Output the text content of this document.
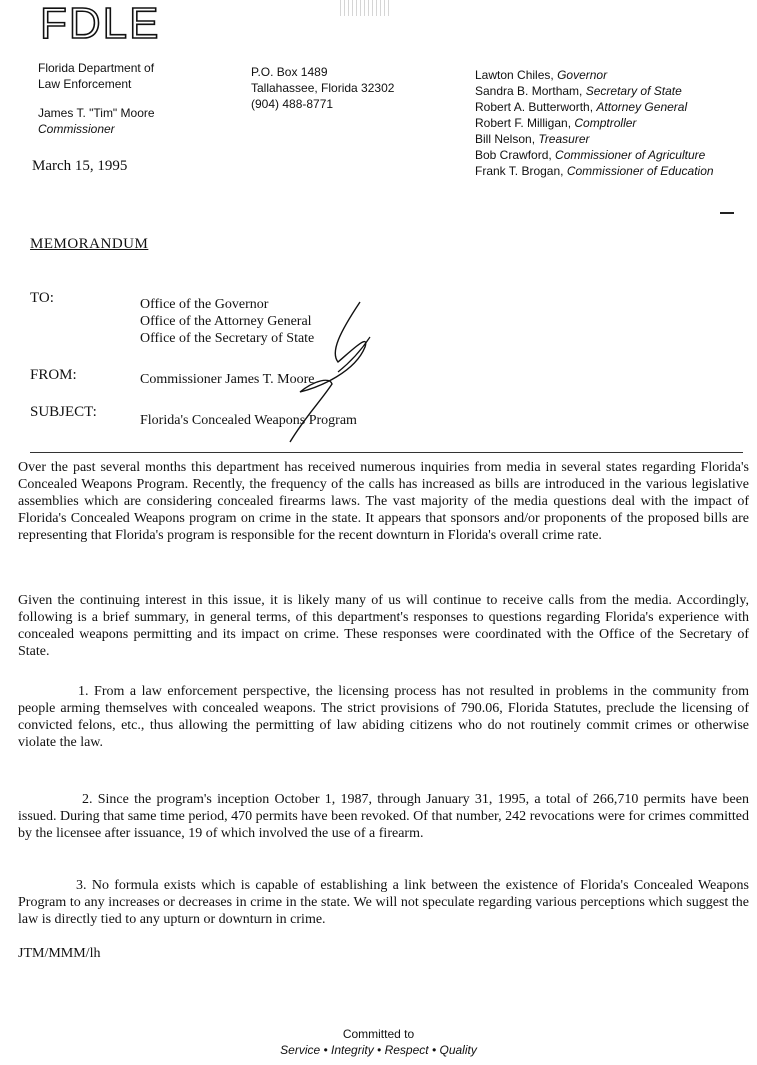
FDLE
Florida Department of
Law Enforcement
James T. "Tim" Moore
Commissioner
P.O. Box 1489
Tallahassee, Florida 32302
(904) 488-8771
Lawton Chiles, Governor
Sandra B. Mortham, Secretary of State
Robert A. Butterworth, Attorney General
Robert F. Milligan, Comptroller
Bill Nelson, Treasurer
Bob Crawford, Commissioner of Agriculture
Frank T. Brogan, Commissioner of Education
March 15, 1995
MEMORANDUM
TO:	Office of the Governor
Office of the Attorney General
Office of the Secretary of State
FROM:	Commissioner James T. Moore
SUBJECT:
Florida's Concealed Weapons Program
Over the past several months this department has received numerous inquiries from media in several states regarding Florida's Concealed Weapons Program. Recently, the frequency of the calls has increased as bills are introduced in the various legislative assemblies which are considering concealed firearms laws. The vast majority of the media questions deal with the impact of Florida's Concealed Weapons program on crime in the state. It appears that sponsors and/or proponents of the proposed bills are representing that Florida's program is responsible for the recent downturn in Florida's overall crime rate.
Given the continuing interest in this issue, it is likely many of us will continue to receive calls from the media. Accordingly, following is a brief summary, in general terms, of this department's responses to questions regarding Florida's experience with concealed weapons permitting and its impact on crime. These responses were coordinated with the Office of the Secretary of State.
1. From a law enforcement perspective, the licensing process has not resulted in problems in the community from people arming themselves with concealed weapons. The strict provisions of 790.06, Florida Statutes, preclude the licensing of convicted felons, etc., thus allowing the permitting of law abiding citizens who do not routinely commit crimes or otherwise violate the law.
2. Since the program's inception October 1, 1987, through January 31, 1995, a total of 266,710 permits have been issued. During that same time period, 470 permits have been revoked. Of that number, 242 revocations were for crimes committed by the licensee after issuance, 19 of which involved the use of a firearm.
3. No formula exists which is capable of establishing a link between the existence of Florida's Concealed Weapons Program to any increases or decreases in crime in the state. We will not speculate regarding various perceptions which suggest the law is directly tied to any upturn or downturn in crime.
JTM/MMM/lh
Committed to
Service • Integrity • Respect • Quality
